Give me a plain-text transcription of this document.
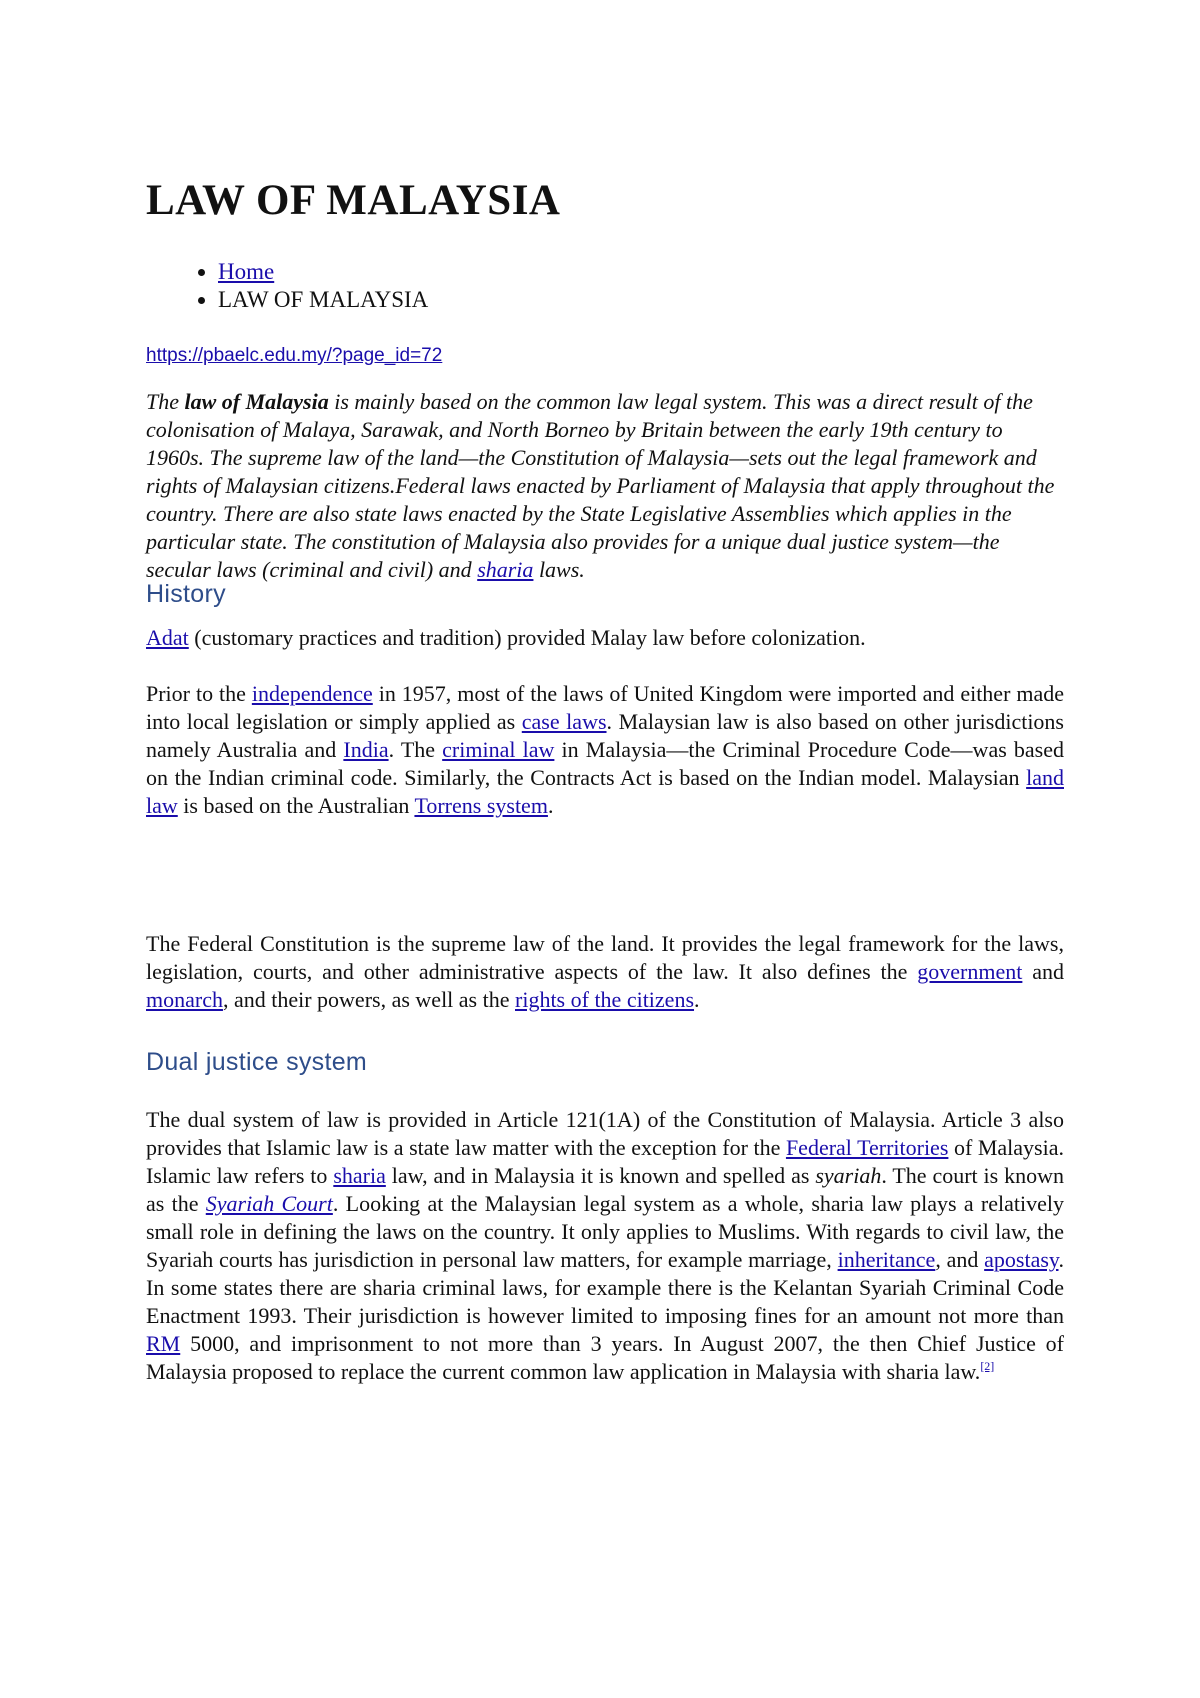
LAW OF MALAYSIA
• Home
• LAW OF MALAYSIA
https://pbaelc.edu.my/?page_id=72

The law of Malaysia is mainly based on the common law legal system. This was a direct result of the colonisation of Malaya, Sarawak, and North Borneo by Britain between the early 19th century to 1960s. The supreme law of the land—the Constitution of Malaysia—sets out the legal framework and rights of Malaysian citizens.Federal laws enacted by Parliament of Malaysia that apply throughout the country. There are also state laws enacted by the State Legislative Assemblies which applies in the particular state. The constitution of Malaysia also provides for a unique dual justice system—the secular laws (criminal and civil) and sharia laws.

History

Adat (customary practices and tradition) provided Malay law before colonization.

Prior to the independence in 1957, most of the laws of United Kingdom were imported and either made into local legislation or simply applied as case laws. Malaysian law is also based on other jurisdictions namely Australia and India. The criminal law in Malaysia—the Criminal Procedure Code—was based on the Indian criminal code. Similarly, the Contracts Act is based on the Indian model. Malaysian land law is based on the Australian Torrens system.

The Federal Constitution is the supreme law of the land. It provides the legal framework for the laws, legislation, courts, and other administrative aspects of the law. It also defines the government and monarch, and their powers, as well as the rights of the citizens.

Dual justice system

The dual system of law is provided in Article 121(1A) of the Constitution of Malaysia. Article 3 also provides that Islamic law is a state law matter with the exception for the Federal Territories of Malaysia. Islamic law refers to sharia law, and in Malaysia it is known and spelled as syariah. The court is known as the Syariah Court. Looking at the Malaysian legal system as a whole, sharia law plays a relatively small role in defining the laws on the country. It only applies to Muslims. With regards to civil law, the Syariah courts has jurisdiction in personal law matters, for example marriage, inheritance, and apostasy. In some states there are sharia criminal laws, for example there is the Kelantan Syariah Criminal Code Enactment 1993. Their jurisdiction is however limited to imposing fines for an amount not more than RM 5000, and imprisonment to not more than 3 years. In August 2007, the then Chief Justice of Malaysia proposed to replace the current common law application in Malaysia with sharia law.[2]
